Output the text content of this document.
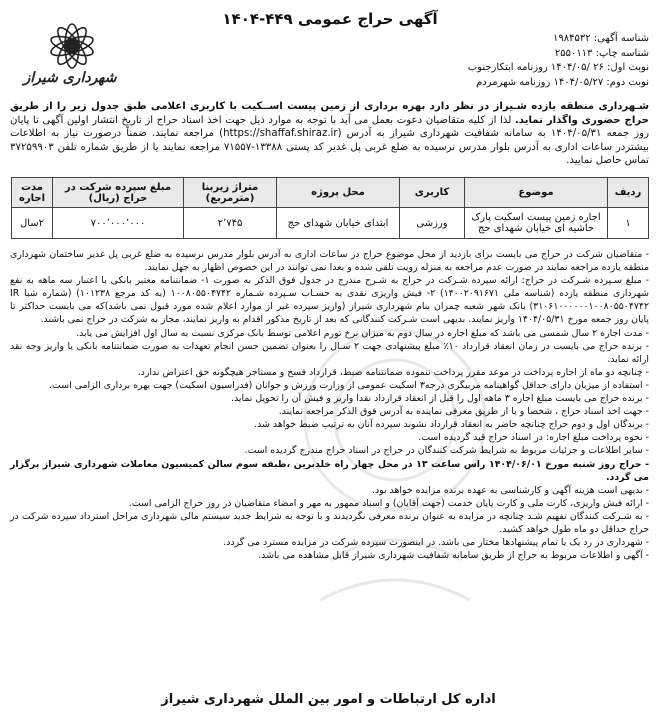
آگهی حراج عمومی ۴۴۹-۱۴۰۴
شناسه آگهی: ۱۹۸۴۵۳۲
شناسه چاپ: ۲۵۵۰۱۱۳
نوبت اول: ۲۶ /۱۴۰۴/۰۵ روزنامه ابتکارجنوب
نوبت دوم: ۱۴۰۴/۰۵/۲۷ روزنامه شهرمردم
شهرداری شیراز
شـهرداری منطقه یازده شـیراز در نظر دارد بهره برداری از زمین پیست اســکیت با کاربری اعلامی طبق جدول زیر را از طریق حراج حضوری واگذار نماید. لذا از کلیه متقاضیان دعوت بعمل می آید با توجه به موارد ذیل جهت اخذ اسناد حراج از تاریخ انتشار اولین آگهی تا پایان روز جمعه ۱۴۰۴/۰۵/۳۱ به سامانه شفافیت شهرداری شیراز به آدرس (https://shaffaf.shiraz.ir) مراجعه نمایند. ضمناً درصورت نیاز به اطلاعات بیشتردر ساعات اداری به آدرس بلوار مدرس نرسیده به ضلع غربی پل غدیر کد پستی ۱۳۳۸۸-۷۱۵۵۷ مراجعه نمایند یا از طریق شماره تلفن ۳۷۲۵۹۹۰۳ تماس حاصل نمایید.
ردیف	موضوع	کاربری	محل پروژه	متراژ زیربنا (مترمربع)	مبلغ سپرده شرکت در حراج (ریال)	مدت اجاره
۱	اجاره زمین پیست اسکیت پارک حاشیه ای خیابان شهدای حج	ورزشی	ابتدای خیابان شهدای حج	۲٬۷۴۵	۷۰۰٬۰۰۰٬۰۰۰	۲سال
- متقاضیان شرکت در حراج می بایست برای بازدید از محل موضوع حراج در ساعات اداری به آدرس بلوار مدرس نرسیده به ضلع غربی پل غدیر ساختمان شهرداری منطقه یازده مراجعه نمایند در صورت عدم مراجعه به منزله رویت تلقی شده و بعدا نمی توانند در این خصوص اظهار به جهل نمایند.
- مبلغ سـپرده شـرکت در حراج: ارائه سپرده شـرکت در حراج به شـرح مندرج در جدول فوق الذکر به صورت ۱- ضمانتنامه معتبر بانکی با اعتبار سه ماهه به نفع شهرداری منطقه یازده (شناسه ملی ۱۴۰۰۲۰۹۱۶۷۱) ۲- فیش واریزی نقدی به حسـاب سـپرده شـماره ۱۰۰۸۰۵۵۰۴۷۴۲ (به کد مرجع ۱۰۱۲۳۸) (شماره شبا IR ۳۱۰۶۱۰۰۰۰۰۰۱۰۰۸۰۵۵۰۴۷۴۲) بانک شهر شعبه چمران بنام شهرداری شیراز (واریز سپرده غیر از موارد اعلام شده مورد قبول نمی باشد)که می بایست حداکثر تا پایان روز جمعه مورخ ۱۴۰۴/۰۵/۳۱ واریز نمایند. بدیهی است شـرکت کنندگانی که بعد از تاریخ مذکور اقدام به واریز نمایند، مجاز به شرکت در حراج نمی باشند.
- مدت اجاره ۲ سال شمسی می باشد که مبلغ اجاره در سال دوم به میزان نرخ تورم اعلامی توسط بانک مرکزی نسبت به سال اول افزایش می یابد.
- برنده حراج می بایست در زمان انعقاد قرارداد ۱۰٪ مبلغ پیشنهادی جهت ۲ سـال را بعنوان تضمین حسن انجام تعهدات به صورت ضمانتنامه بانکی یا واریز وجه نقد ارائه نماید.
- چنانچه دو ماه از اجاره پرداخت در موعد مقرر پرداخت ننموده ضمانتنامه ضبط، قرارداد فسخ و مستاجر هیچگونه حق اعتراض ندارد.
- استفاده از میزبان دارای حداقل گواهینامه مربیگری درجه۳ اسکیت عمومی از وزارت ورزش و جوانان (فدراسیون اسکیت) جهت بهره برداری الزامی است.
- برنده حراج می بایست مبلغ اجاره ۳ ماهه اول را قبل از انعقاد قرارداد نقدا واریز و فیش آن را تحویل نماید.
- جهت اخذ اسناد حراج ، شخصا و یا از طریق معرفی نماینده به آدرس فوق الذکر مراجعه نمایند.
- برندگان اول و دوم حراج چنانچه حاضر به انعقاد قرارداد نشوند سپرده آنان به ترتیب ضبط خواهد شد.
- نحوه پرداخت مبلغ اجاره: در اسناد حراج قید گردیده است.
- سایر اطلاعات و جزئیات مربوط به شرایط شرکت کنندگان در حراج در اسناد حراج مندرج گردیده است.
- حراج روز شنبه مورخ ۱۴۰۴/۰۶/۰۱ راس ساعت ۱۳ در محل چهار راه خلدبرین ،طبقه سوم سالن کمیسیون معاملات شهرداری شیراز برگزار می گردد.
- بدیهی است هزینه آگهی و کارشناسی به عهده برنده مزایده خواهد بود.
- ارائه فیش واریزی، کارت ملی و کارت پایان خدمت (جهت آقایان) و اسناد ممهور به مهر و امضاء متقاضیان در روز حراج الزامی است.
- به شـرکت کنندگان تفهیم شـد چنانچه در مزایده به عنوان برنده معرفی نگردیدند و با توجه به شرایط جدید سیستم مالی شهرداری مراحل استرداد سپرده شرکت در حراج حداقل دو ماه طول خواهد کشید.
- شهرداری در رد یک یا تمام پیشنهادها مختار می باشد. در اینصورت سپرده شرکت در مزایده مسترد می گردد.
- آگهی و اطلاعات مربوط به حراج از طریق سامانه شفافیت شهرداری شیراز قابل مشاهده می باشد.
اداره کل ارتباطات و امور بین الملل شهرداری شیراز
